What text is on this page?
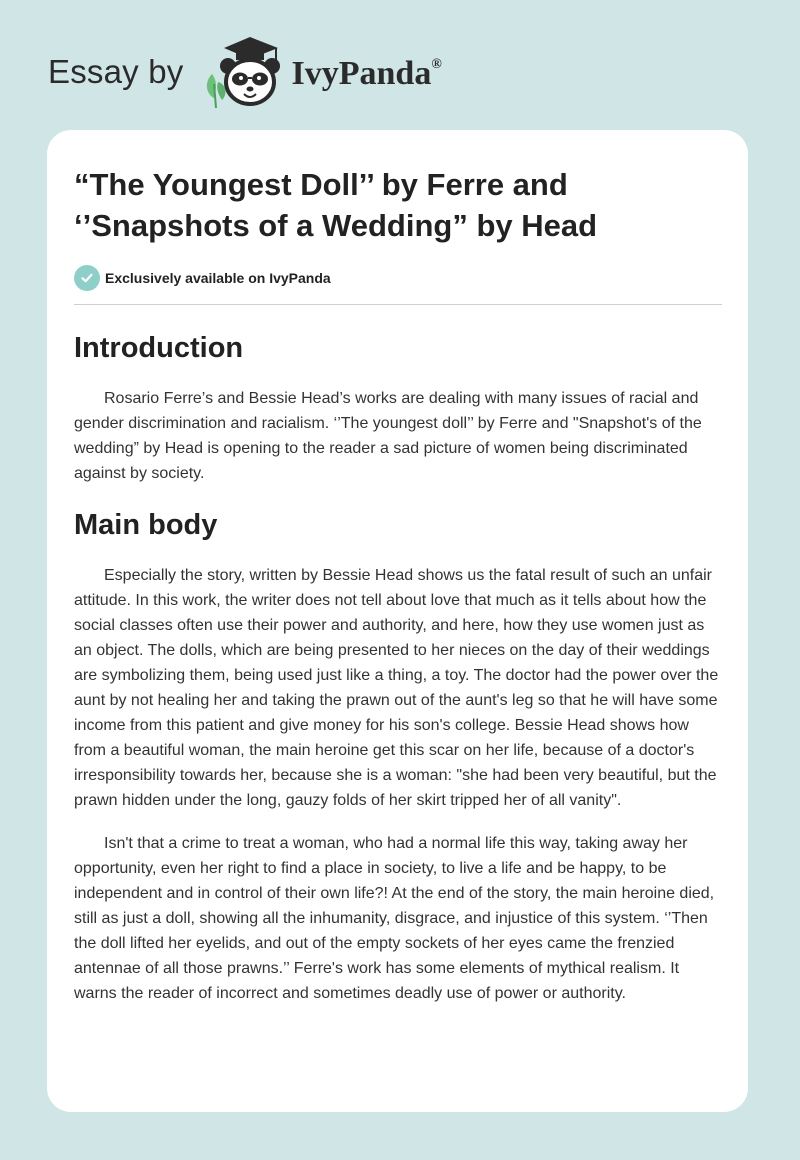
Essay by	IvyPanda®
“The Youngest Doll’’ by Ferre and ‘’Snapshots of a Wedding” by Head
Exclusively available on IvyPanda
Introduction

Rosario Ferre’s and Bessie Head’s works are dealing with many issues of racial and gender discrimination and racialism. ‘’The youngest doll’’ by Ferre and "Snapshot's of the wedding” by Head is opening to the reader a sad picture of women being discriminated against by society.

Main body

Especially the story, written by Bessie Head shows us the fatal result of such an unfair attitude. In this work, the writer does not tell about love that much as it tells about how the social classes often use their power and authority, and here, how they use women just as an object. The dolls, which are being presented to her nieces on the day of their weddings are symbolizing them, being used just like a thing, a toy. The doctor had the power over the aunt by not healing her and taking the prawn out of the aunt's leg so that he will have some income from this patient and give money for his son's college. Bessie Head shows how from a beautiful woman, the main heroine get this scar on her life, because of a doctor's irresponsibility towards her, because she is a woman: "she had been very beautiful, but the prawn hidden under the long, gauzy folds of her skirt tripped her of all vanity".

Isn't that a crime to treat a woman, who had a normal life this way, taking away her opportunity, even her right to find a place in society, to live a life and be happy, to be independent and in control of their own life?! At the end of the story, the main heroine died, still as just a doll, showing all the inhumanity, disgrace, and injustice of this system. ‘’Then the doll lifted her eyelids, and out of the empty sockets of her eyes came the frenzied antennae of all those prawns.’’ Ferre's work has some elements of mythical realism. It warns the reader of incorrect and sometimes deadly use of power or authority.
